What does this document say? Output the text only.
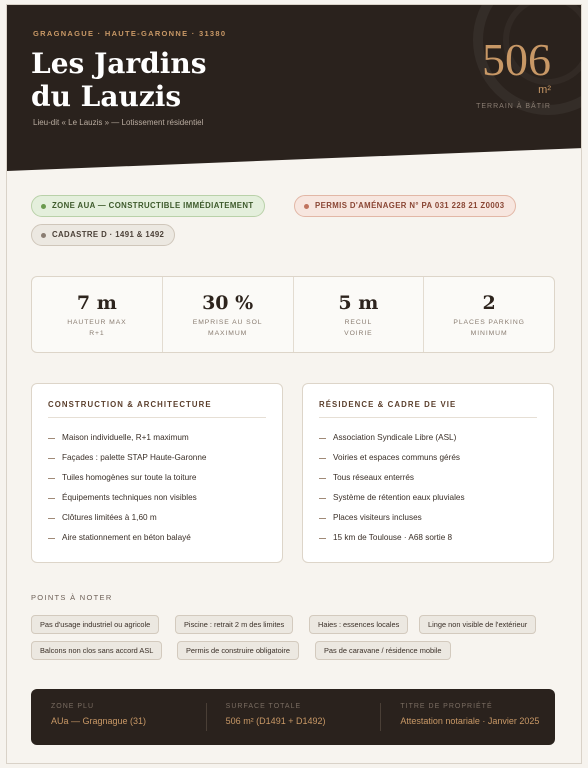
GRAGNAGUE · HAUTE-GARONNE · 31380
Les Jardins
du Lauzis
Lieu-dit « Le Lauzis » — Lotissement résidentiel
506
m²
TERRAIN À BÂTIR
ZONE AUA — CONSTRUCTIBLE IMMÉDIATEMENT	PERMIS D'AMÉNAGER N° PA 031 228 21 Z0003
CADASTRE D · 1491 & 1492
7 m
HAUTEUR MAX
R+1
30 %
EMPRISE AU SOL
MAXIMUM
5 m
RECUL
VOIRIE
2
PLACES PARKING
MINIMUM
CONSTRUCTION & ARCHITECTURE
Maison individuelle, R+1 maximum
Façades : palette STAP Haute-Garonne
Tuiles homogènes sur toute la toiture
Équipements techniques non visibles
Clôtures limitées à 1,60 m
Aire stationnement en béton balayé
RÉSIDENCE & CADRE DE VIE
Association Syndicale Libre (ASL)
Voiries et espaces communs gérés
Tous réseaux enterrés
Système de rétention eaux pluviales
Places visiteurs incluses
15 km de Toulouse · A68 sortie 8
POINTS À NOTER
Pas d'usage industriel ou agricole	Piscine : retrait 2 m des limites	Haies : essences locales	Linge non visible de l'extérieur
Balcons non clos sans accord ASL	Permis de construire obligatoire	Pas de caravane / résidence mobile
ZONE PLU
AUa — Gragnague (31)
SURFACE TOTALE
506 m² (D1491 + D1492)
TITRE DE PROPRIÉTÉ
Attestation notariale · Janvier 2025
